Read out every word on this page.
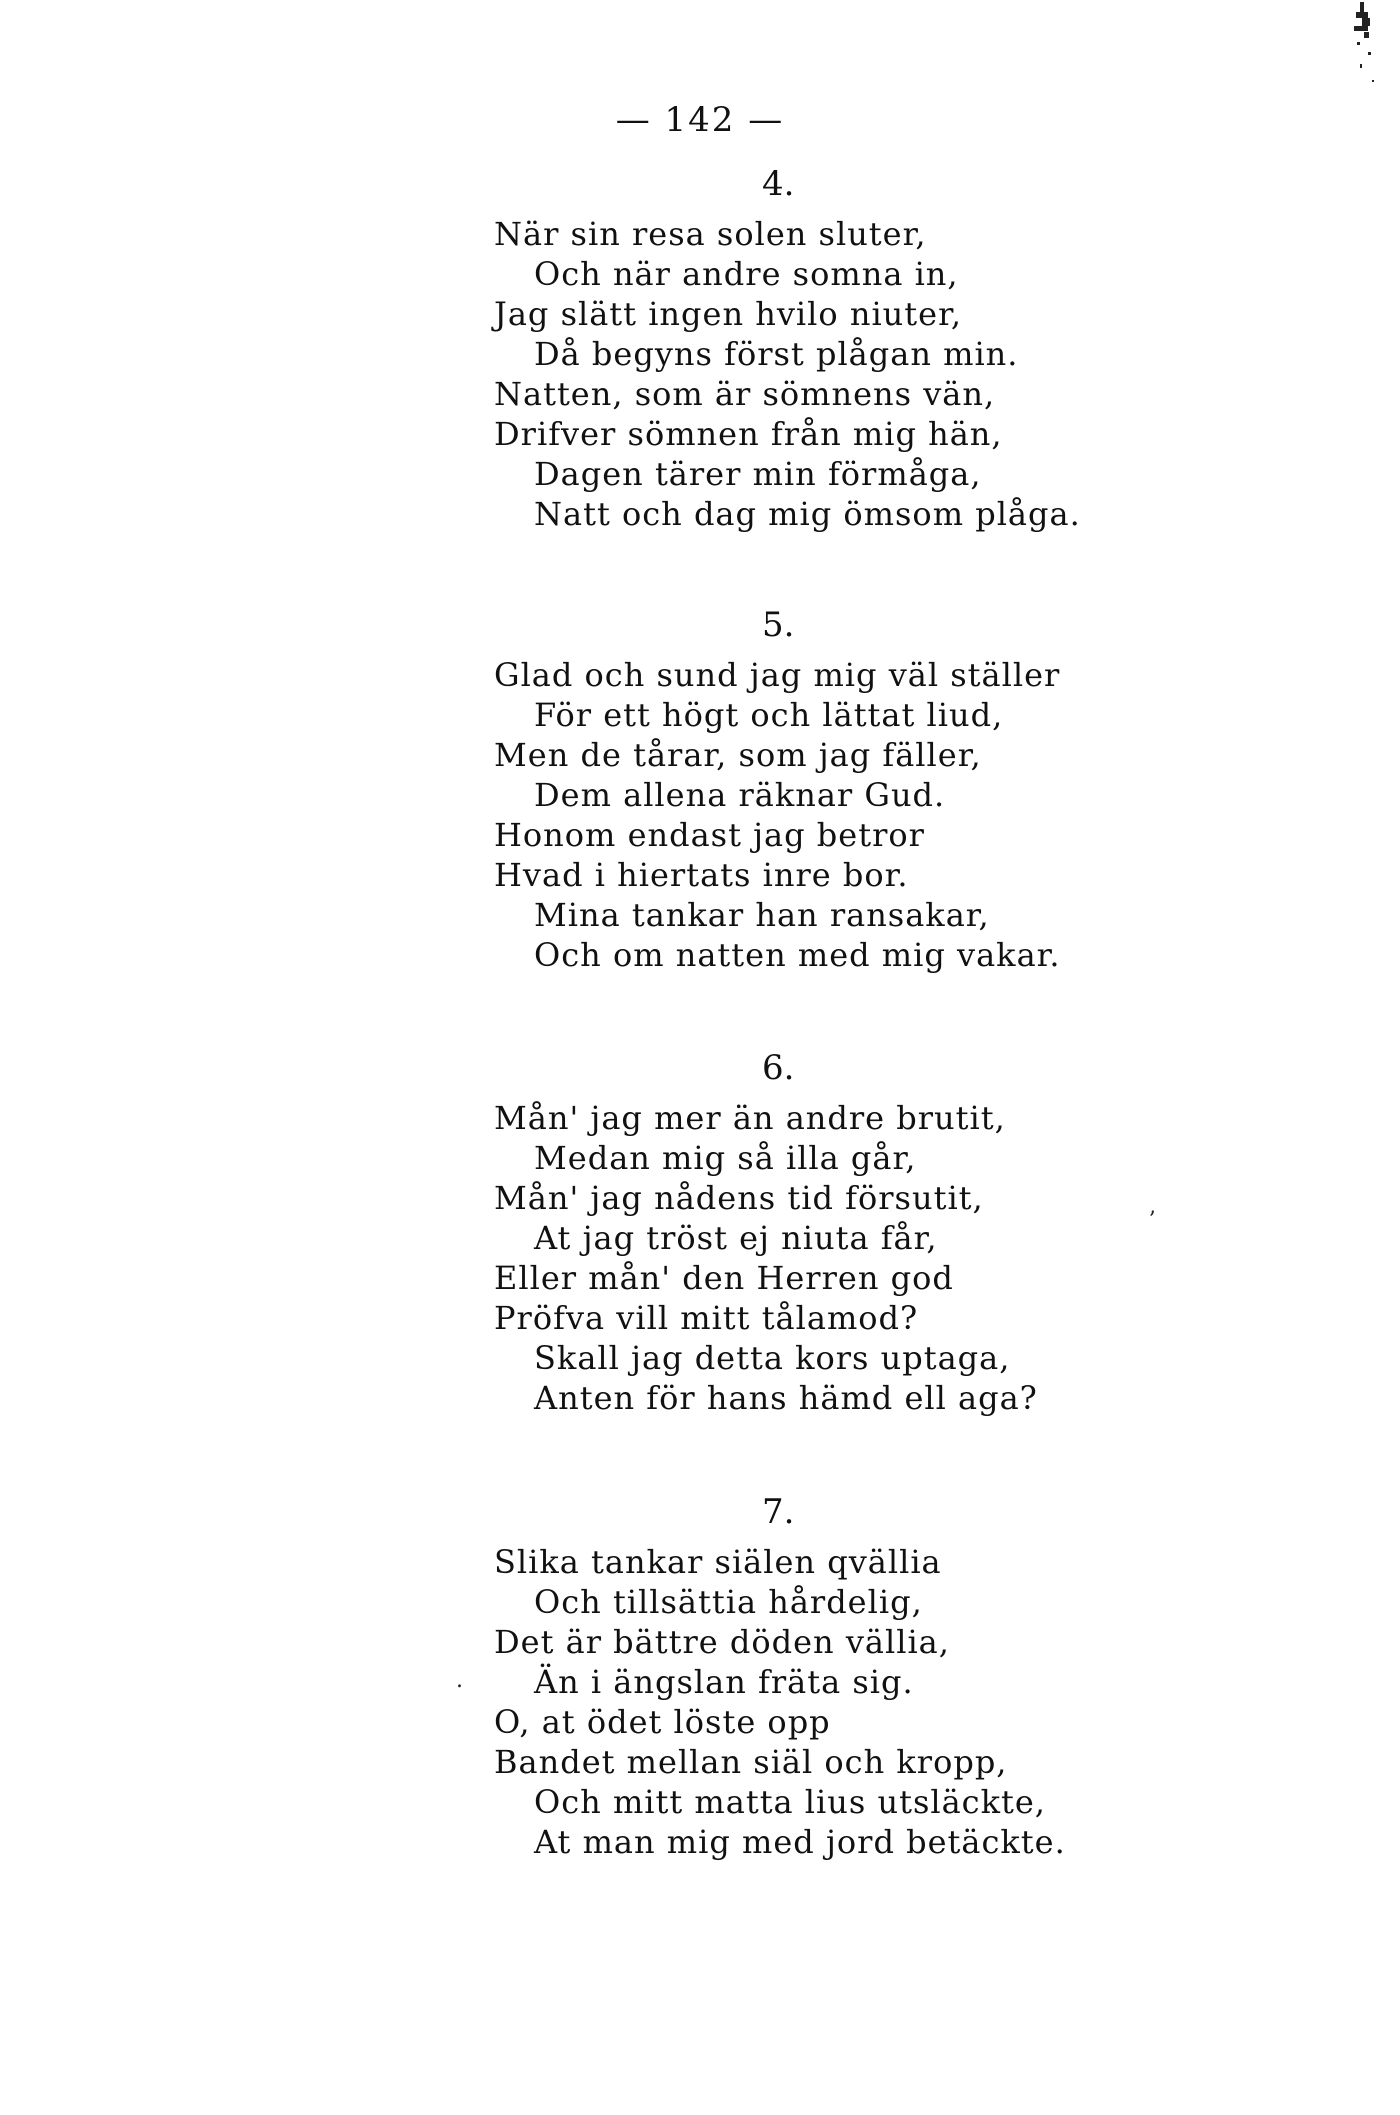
— 142 —
4.
När sin resa solen sluter,
Och när andre somna in,
Jag slätt ingen hvilo niuter,
Då begyns först plågan min.
Natten, som är sömnens vän,
Drifver sömnen från mig hän,
Dagen tärer min förmåga,
Natt och dag mig ömsom plåga.
5.
Glad och sund jag mig väl ställer
För ett högt och lättat liud,
Men de tårar, som jag fäller,
Dem allena räknar Gud.
Honom endast jag betror
Hvad i hiertats inre bor.
Mina tankar han ransakar,
Och om natten med mig vakar.
6.
Mån' jag mer än andre brutit,
Medan mig så illa går,
Mån' jag nådens tid försutit,
At jag tröst ej niuta får,
Eller mån' den Herren god
Pröfva vill mitt tålamod?
Skall jag detta kors uptaga,
Anten för hans hämd ell aga?
7.
Slika tankar siälen qvällia
Och tillsättia hårdelig,
Det är bättre döden vällia,
Än i ängslan fräta sig.
O, at ödet löste opp
Bandet mellan siäl och kropp,
Och mitt matta lius utsläckte,
At man mig med jord betäckte.
ʼ
.
